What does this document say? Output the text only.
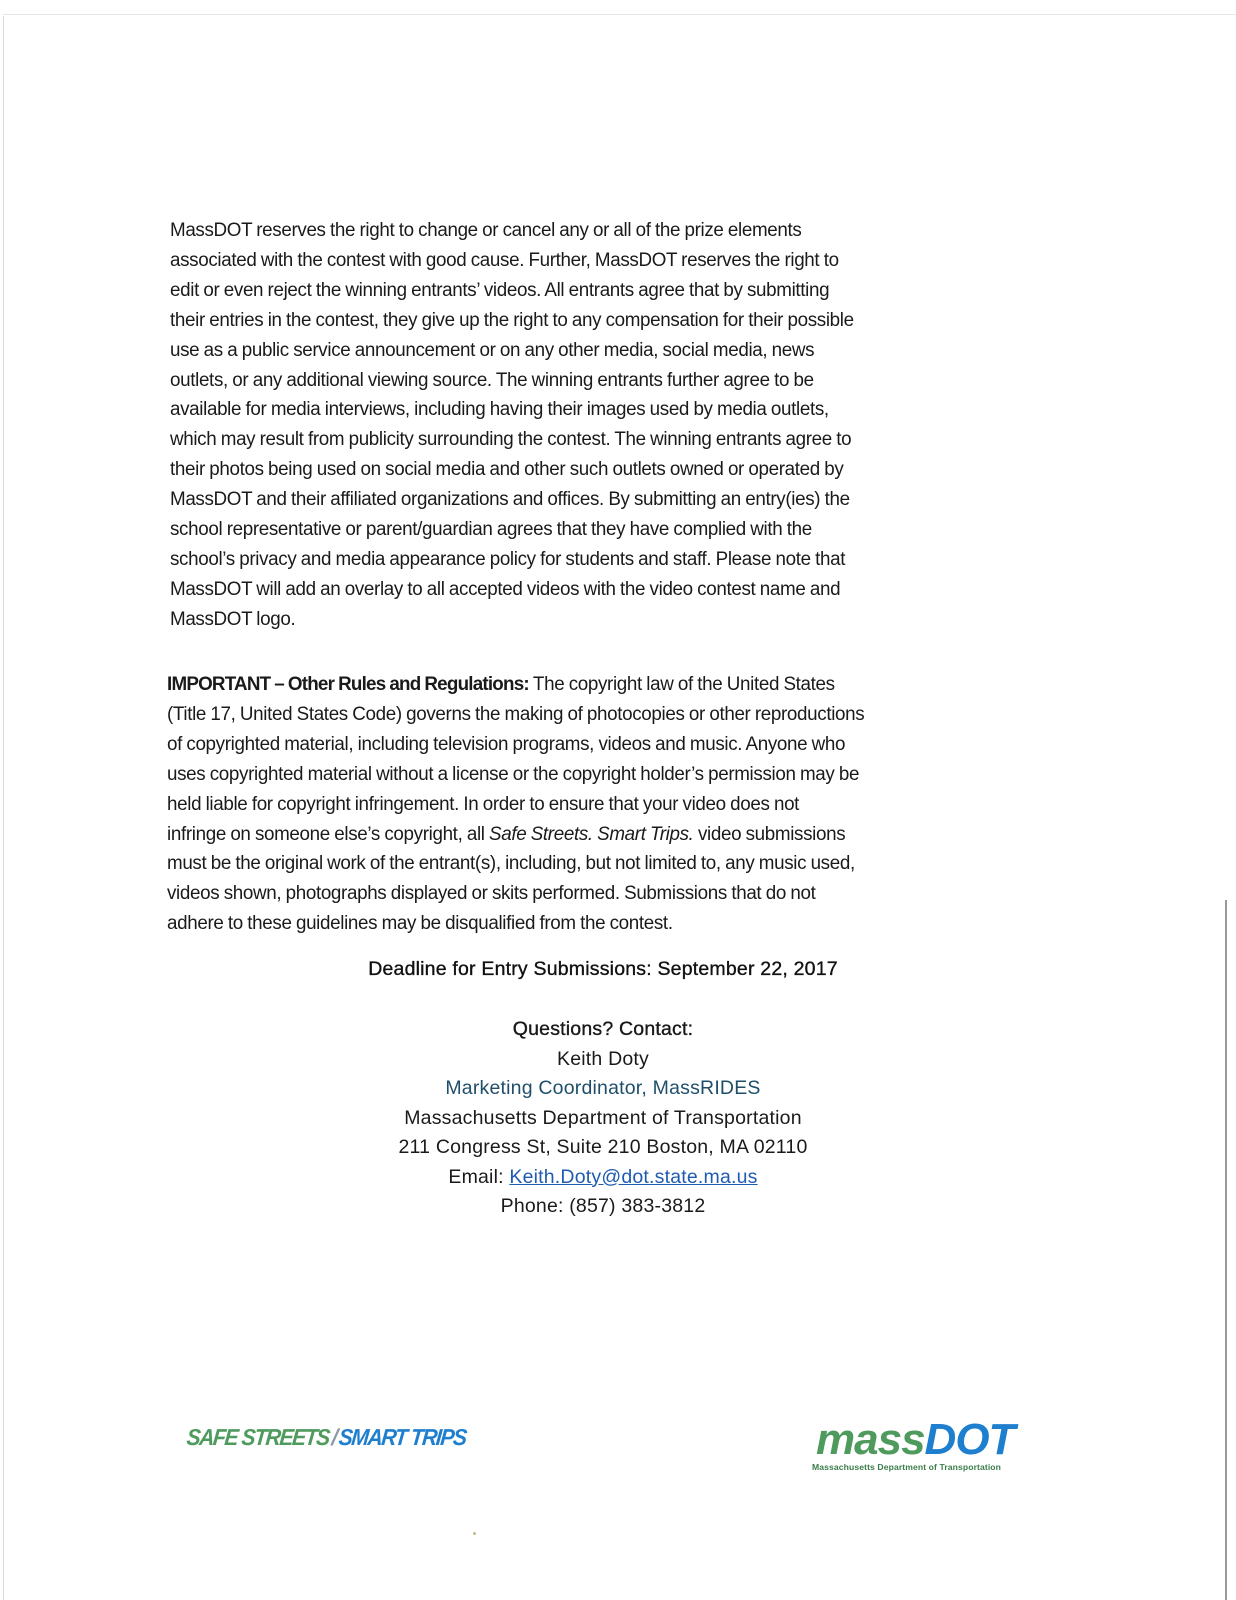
MassDOT reserves the right to change or cancel any or all of the prize elements
associated with the contest with good cause. Further, MassDOT reserves the right to
edit or even reject the winning entrants’ videos. All entrants agree that by submitting
their entries in the contest, they give up the right to any compensation for their possible
use as a public service announcement or on any other media, social media, news
outlets, or any additional viewing source. The winning entrants further agree to be
available for media interviews, including having their images used by media outlets,
which may result from publicity surrounding the contest. The winning entrants agree to
their photos being used on social media and other such outlets owned or operated by
MassDOT and their affiliated organizations and offices. By submitting an entry(ies) the
school representative or parent/guardian agrees that they have complied with the
school’s privacy and media appearance policy for students and staff. Please note that
MassDOT will add an overlay to all accepted videos with the video contest name and
MassDOT logo.

IMPORTANT – Other Rules and Regulations: The copyright law of the United States
(Title 17, United States Code) governs the making of photocopies or other reproductions
of copyrighted material, including television programs, videos and music. Anyone who
uses copyrighted material without a license or the copyright holder’s permission may be
held liable for copyright infringement. In order to ensure that your video does not
infringe on someone else’s copyright, all Safe Streets. Smart Trips. video submissions
must be the original work of the entrant(s), including, but not limited to, any music used,
videos shown, photographs displayed or skits performed. Submissions that do not
adhere to these guidelines may be disqualified from the contest.

Deadline for Entry Submissions: September 22, 2017
Questions? Contact:
Keith Doty
Marketing Coordinator, MassRIDES
Massachusetts Department of Transportation
211 Congress St, Suite 210 Boston, MA 02110
Email: Keith.Doty@dot.state.ma.us
Phone: (857) 383-3812
SAFE STREETS/SMART TRIPS	massDOT
Massachusetts Department of Transportation
